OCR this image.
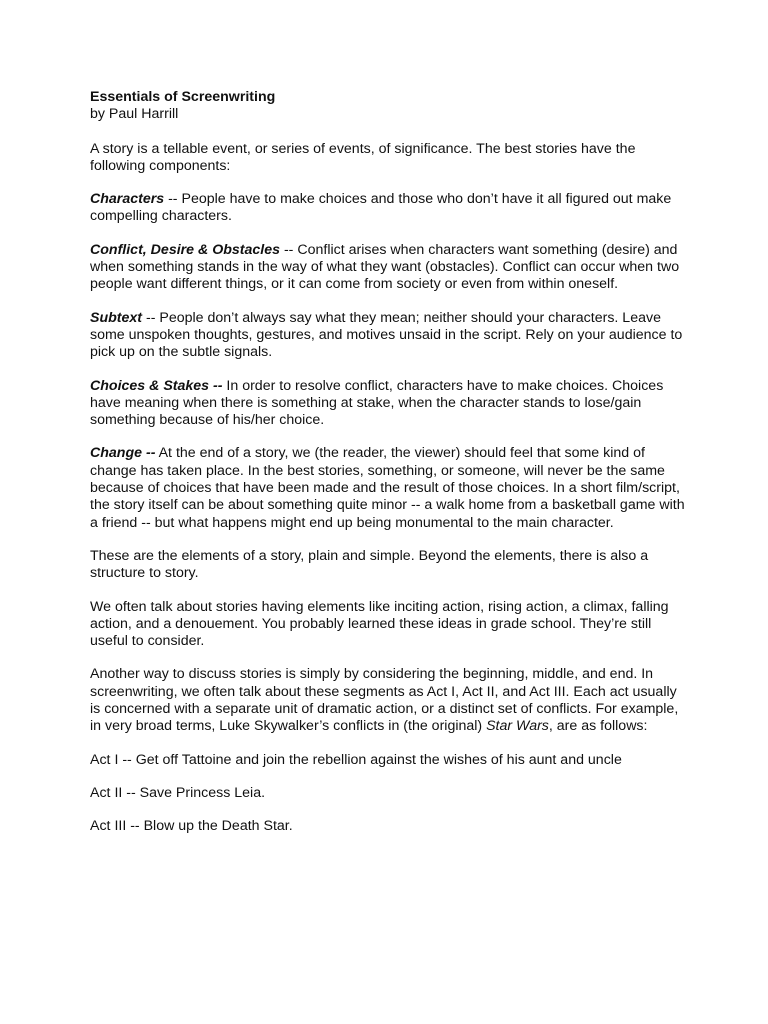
Essentials of Screenwriting

by Paul Harrill

A story is a tellable event, or series of events, of significance. The best stories have the following components:

Characters -- People have to make choices and those who don’t have it all figured out make compelling characters.

Conflict, Desire & Obstacles -- Conflict arises when characters want something (desire) and when something stands in the way of what they want (obstacles). Conflict can occur when two people want different things, or it can come from society or even from within oneself.

Subtext -- People don’t always say what they mean; neither should your characters. Leave some unspoken thoughts, gestures, and motives unsaid in the script. Rely on your audience to pick up on the subtle signals.

Choices & Stakes -- In order to resolve conflict, characters have to make choices. Choices have meaning when there is something at stake, when the character stands to lose/gain something because of his/her choice.

Change -- At the end of a story, we (the reader, the viewer) should feel that some kind of change has taken place. In the best stories, something, or someone, will never be the same because of choices that have been made and the result of those choices. In a short film/script, the story itself can be about something quite minor -- a walk home from a basketball game with a friend -- but what happens might end up being monumental to the main character.

These are the elements of a story, plain and simple. Beyond the elements, there is also a structure to story.

We often talk about stories having elements like inciting action, rising action, a climax, falling action, and a denouement. You probably learned these ideas in grade school. They’re still useful to consider.

Another way to discuss stories is simply by considering the beginning, middle, and end. In screenwriting, we often talk about these segments as Act I, Act II, and Act III. Each act usually is concerned with a separate unit of dramatic action, or a distinct set of conflicts. For example, in very broad terms, Luke Skywalker’s conflicts in (the original) Star Wars, are as follows:

Act I -- Get off Tattoine and join the rebellion against the wishes of his aunt and uncle

Act II -- Save Princess Leia.

Act III -- Blow up the Death Star.
